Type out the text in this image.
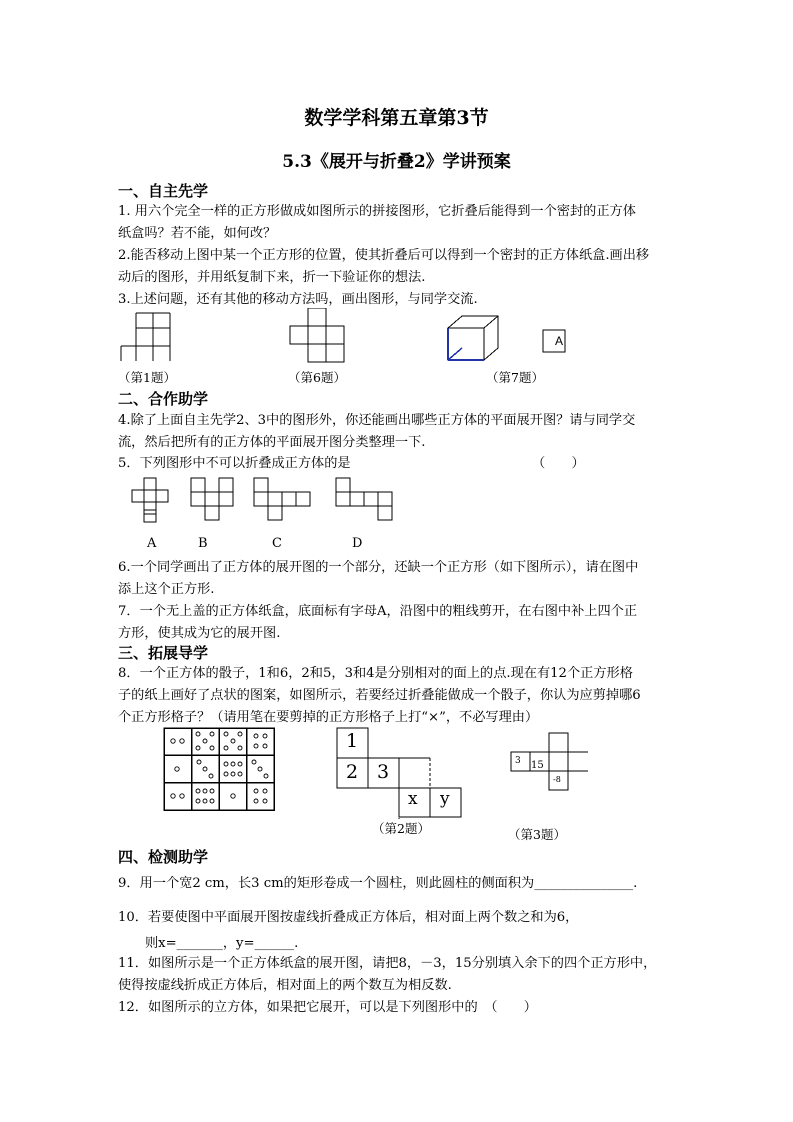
数学学科第五章第3节
5.3《展开与折叠2》学讲预案
一、自主先学
1. 用六个完全一样的正方形做成如图所示的拼接图形，它折叠后能得到一个密封的正方体
纸盒吗？若不能，如何改？
2.能否移动上图中某一个正方形的位置，使其折叠后可以得到一个密封的正方体纸盒.画出移
动后的图形，并用纸复制下来，折一下验证你的想法.
3.上述问题，还有其他的移动方法吗，画出图形，与同学交流.
A
（第1题）	（第6题）	（第7题）
二、合作助学
4.除了上面自主先学2、3中的图形外，你还能画出哪些正方体的平面展开图？请与同学交
流，然后把所有的正方体的平面展开图分类整理一下.
5．下列图形中不可以折叠成正方体的是	（　　）
A	B	C	D
6.一个同学画出了正方体的展开图的一个部分，还缺一个正方形（如下图所示），请在图中
添上这个正方形.
7．一个无上盖的正方体纸盒，底面标有字母A，沿图中的粗线剪开，在右图中补上四个正
方形，使其成为它的展开图.
三、拓展导学
8．一个正方体的骰子，1和6，2和5，3和4是分别相对的面上的点.现在有12个正方形格
子的纸上画好了点状的图案，如图所示，若要经过折叠能做成一个骰子，你认为应剪掉哪6
个正方形格子？（请用笔在要剪掉的正方形格子上打“×”，不必写理由）
1
2 3
x y
（第2题）
3 15
-8
（第3题）
四、检测助学
9．用一个宽2 cm，长3 cm的矩形卷成一个圆柱，则此圆柱的侧面积为_______________.
10．若要使图中平面展开图按虚线折叠成正方体后，相对面上两个数之和为6，
则x=_______，y=______.
11．如图所示是一个正方体纸盒的展开图，请把8，－3，15分别填入余下的四个正方形中，
使得按虚线折成正方体后，相对面上的两个数互为相反数.
12．如图所示的立方体，如果把它展开，可以是下列图形中的　（　　）
